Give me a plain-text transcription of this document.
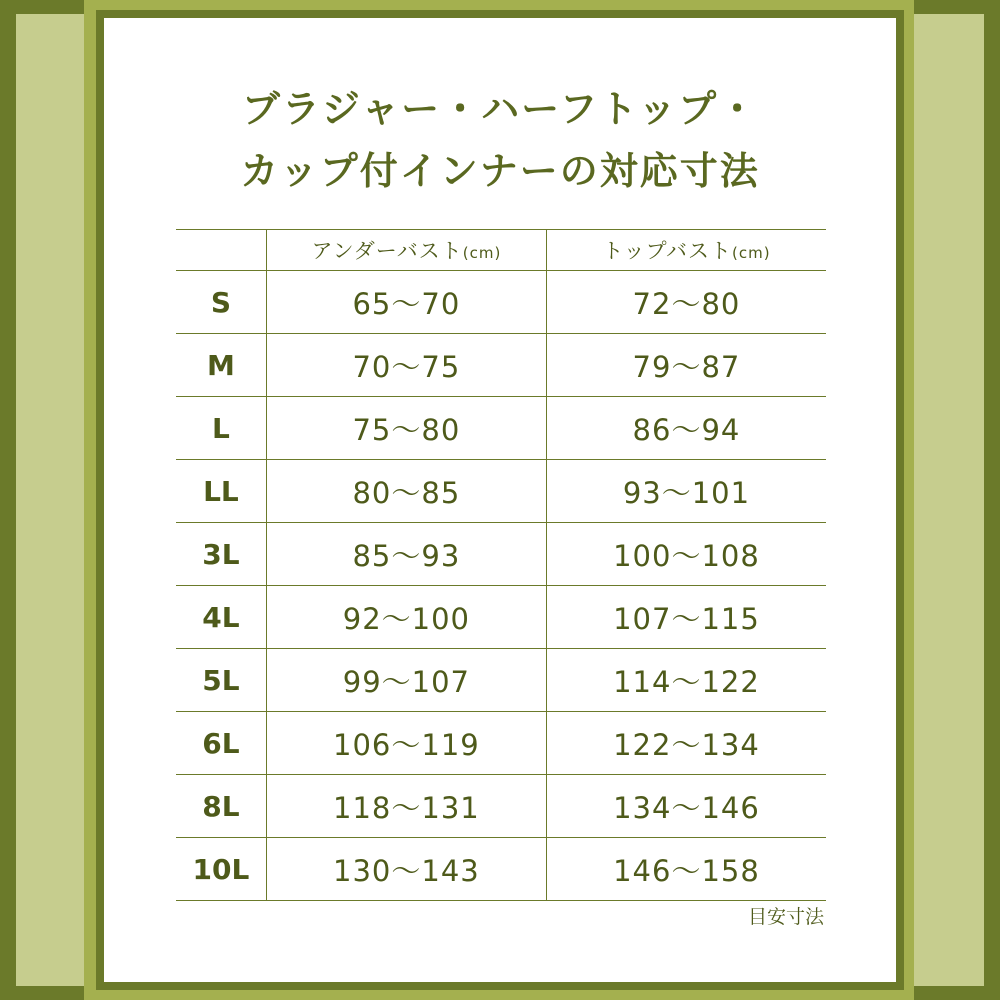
ブラジャー・ハーフトップ・
カップ付インナーの対応寸法
	アンダーバスト(cm)	トップバスト(cm)
S	65～70	72～80
M	70～75	79～87
L	75～80	86～94
LL	80～85	93～101
3L	85～93	100～108
4L	92～100	107～115
5L	99～107	114～122
6L	106～119	122～134
8L	118～131	134～146
10L	130～143	146～158
目安寸法
